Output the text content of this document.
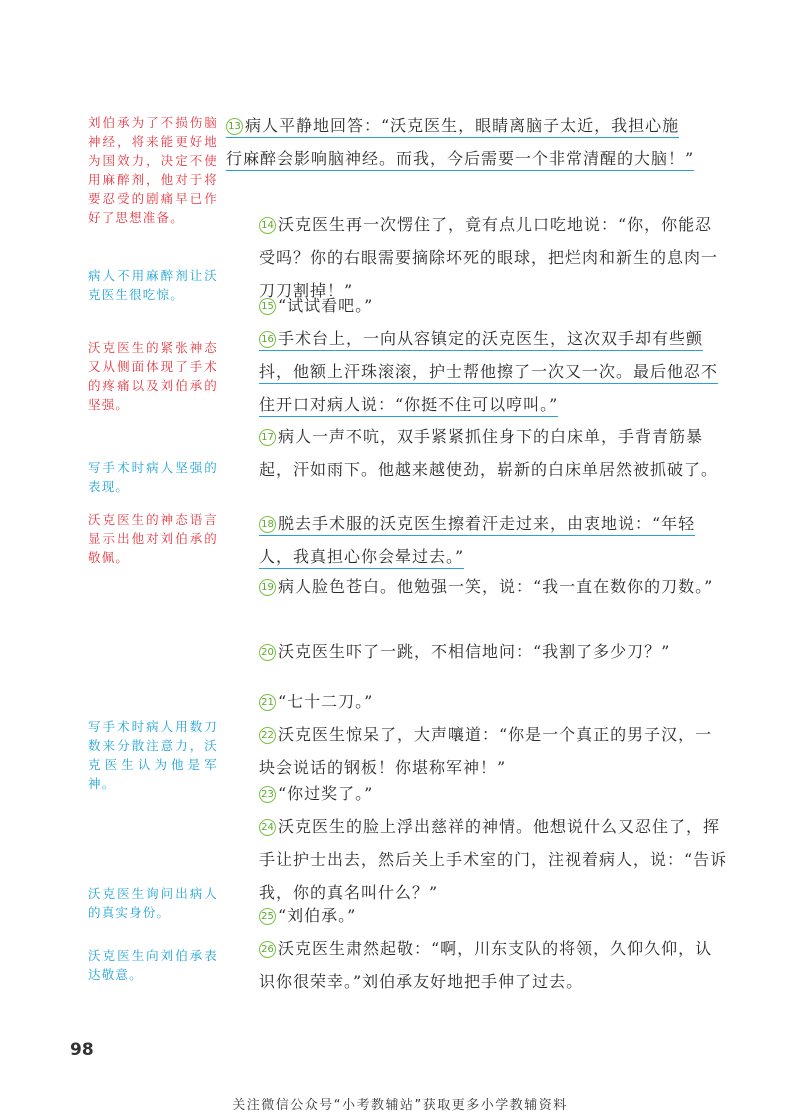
刘伯承为了不损伤脑神经，将来能更好地为国效力，决定不使用麻醉剂，他对于将要忍受的剧痛早已作好了思想准备。
病人不用麻醉剂让沃克医生很吃惊。
沃克医生的紧张神态又从侧面体现了手术的疼痛以及刘伯承的坚强。
写手术时病人坚强的表现。
沃克医生的神态语言显示出他对刘伯承的敬佩。
写手术时病人用数刀数来分散注意力，沃克医生认为他是军神。
沃克医生询问出病人的真实身份。
沃克医生向刘伯承表达敬意。

13 病人平静地回答：“沃克医生，眼睛离脑子太近，我担心施行麻醉会影响脑神经。而我，今后需要一个非常清醒的大脑！”

14 沃克医生再一次愣住了，竟有点儿口吃地说：“你，你能忍受吗？你的右眼需要摘除坏死的眼球，把烂肉和新生的息肉一刀刀割掉！”

15 “试试看吧。”

16 手术台上，一向从容镇定的沃克医生，这次双手却有些颤抖，他额上汗珠滚滚，护士帮他擦了一次又一次。最后他忍不住开口对病人说：“你挺不住可以哼叫。”

17 病人一声不吭，双手紧紧抓住身下的白床单，手背青筋暴起，汗如雨下。他越来越使劲，崭新的白床单居然被抓破了。

18 脱去手术服的沃克医生擦着汗走过来，由衷地说：“年轻人，我真担心你会晕过去。”

19 病人脸色苍白。他勉强一笑，说：“我一直在数你的刀数。”

20 沃克医生吓了一跳，不相信地问：“我割了多少刀？”

21 “七十二刀。”

22 沃克医生惊呆了，大声嚷道：“你是一个真正的男子汉，一块会说话的钢板！你堪称军神！”

23 “你过奖了。”

24 沃克医生的脸上浮出慈祥的神情。他想说什么又忍住了，挥手让护士出去，然后关上手术室的门，注视着病人，说：“告诉我，你的真名叫什么？”

25 “刘伯承。”

26 沃克医生肃然起敬：“啊，川东支队的将领，久仰久仰，认识你很荣幸。”刘伯承友好地把手伸了过去。

98
关注微信公众号“小考教辅站”获取更多小学教辅资料
